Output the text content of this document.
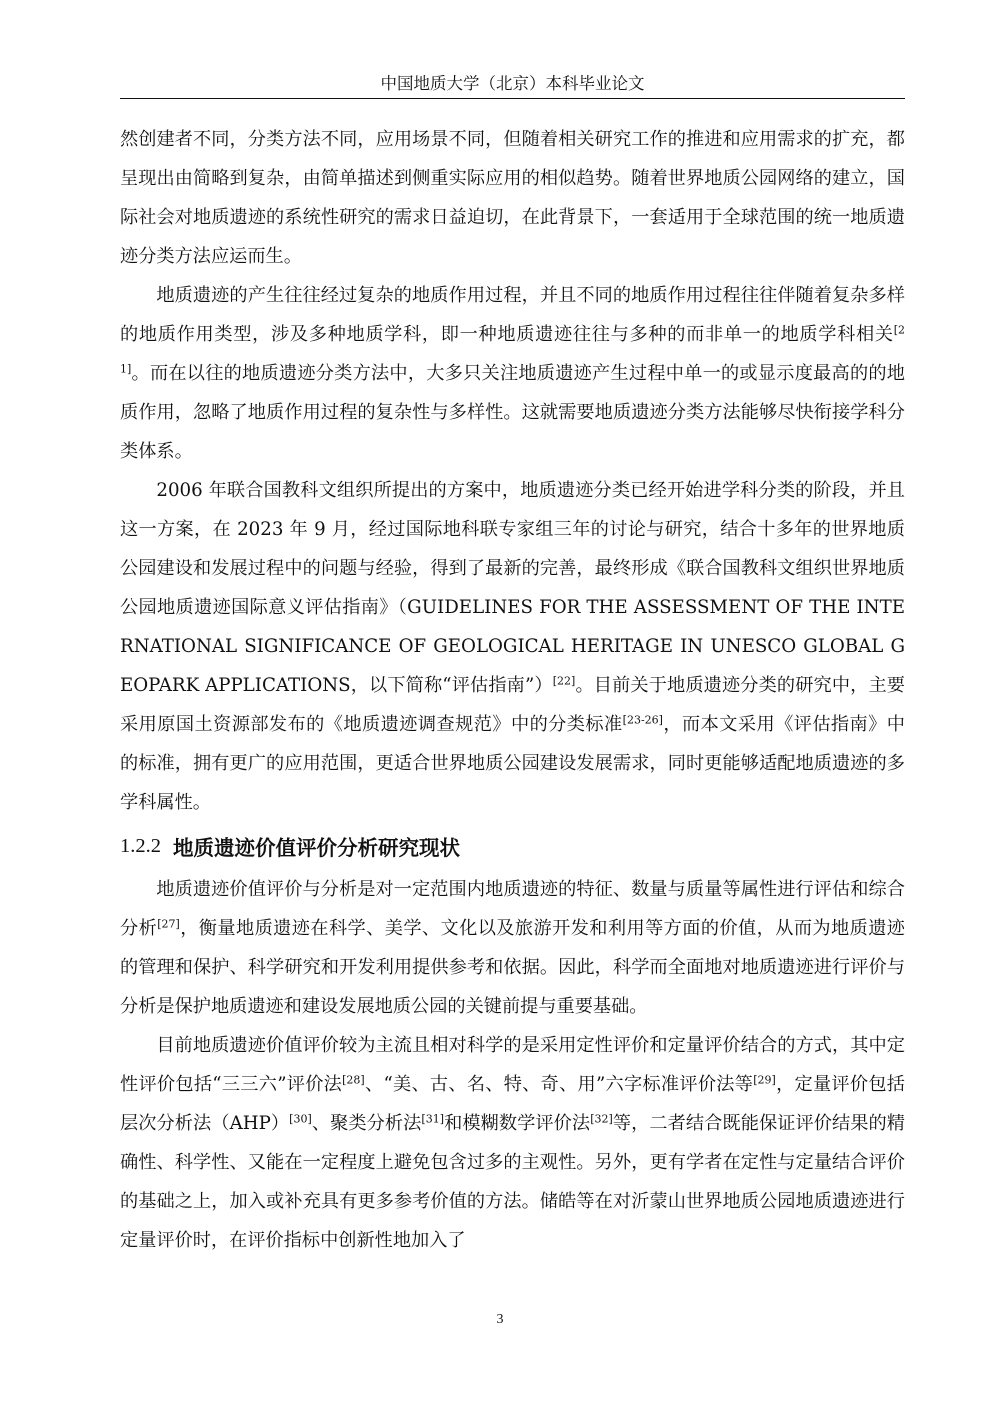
中国地质大学（北京）本科毕业论文

然创建者不同，分类方法不同，应用场景不同，但随着相关研究工作的推进和应用需求的扩充，都呈现出由简略到复杂，由简单描述到侧重实际应用的相似趋势。随着世界地质公园网络的建立，国际社会对地质遗迹的系统性研究的需求日益迫切，在此背景下，一套适用于全球范围的统一地质遗迹分类方法应运而生。

地质遗迹的产生往往经过复杂的地质作用过程，并且不同的地质作用过程往往伴随着复杂多样的地质作用类型，涉及多种地质学科，即一种地质遗迹往往与多种的而非单一的地质学科相关[21]。而在以往的地质遗迹分类方法中，大多只关注地质遗迹产生过程中单一的或显示度最高的的地质作用，忽略了地质作用过程的复杂性与多样性。这就需要地质遗迹分类方法能够尽快衔接学科分类体系。

2006 年联合国教科文组织所提出的方案中，地质遗迹分类已经开始进学科分类的阶段，并且这一方案，在 2023 年 9 月，经过国际地科联专家组三年的讨论与研究，结合十多年的世界地质公园建设和发展过程中的问题与经验，得到了最新的完善，最终形成《联合国教科文组织世界地质公园地质遗迹国际意义评估指南》（GUIDELINES FOR THE ASSESSMENT OF THE INTERNATIONAL SIGNIFICANCE OF GEOLOGICAL HERITAGE IN UNESCO GLOBAL GEOPARK APPLICATIONS，以下简称“评估指南”）[22]。目前关于地质遗迹分类的研究中，主要采用原国土资源部发布的《地质遗迹调查规范》中的分类标准[23-26]，而本文采用《评估指南》中的标准，拥有更广的应用范围，更适合世界地质公园建设发展需求，同时更能够适配地质遗迹的多学科属性。

1.2.2 地质遗迹价值评价分析研究现状

地质遗迹价值评价与分析是对一定范围内地质遗迹的特征、数量与质量等属性进行评估和综合分析[27]，衡量地质遗迹在科学、美学、文化以及旅游开发和利用等方面的价值，从而为地质遗迹的管理和保护、科学研究和开发利用提供参考和依据。因此，科学而全面地对地质遗迹进行评价与分析是保护地质遗迹和建设发展地质公园的关键前提与重要基础。

目前地质遗迹价值评价较为主流且相对科学的是采用定性评价和定量评价结合的方式，其中定性评价包括“三三六”评价法[28]、“美、古、名、特、奇、用”六字标准评价法等[29]，定量评价包括层次分析法（AHP）[30]、聚类分析法[31]和模糊数学评价法[32]等，二者结合既能保证评价结果的精确性、科学性、又能在一定程度上避免包含过多的主观性。另外，更有学者在定性与定量结合评价的基础之上，加入或补充具有更多参考价值的方法。储皓等在对沂蒙山世界地质公园地质遗迹进行定量评价时，在评价指标中创新性地加入了

3
